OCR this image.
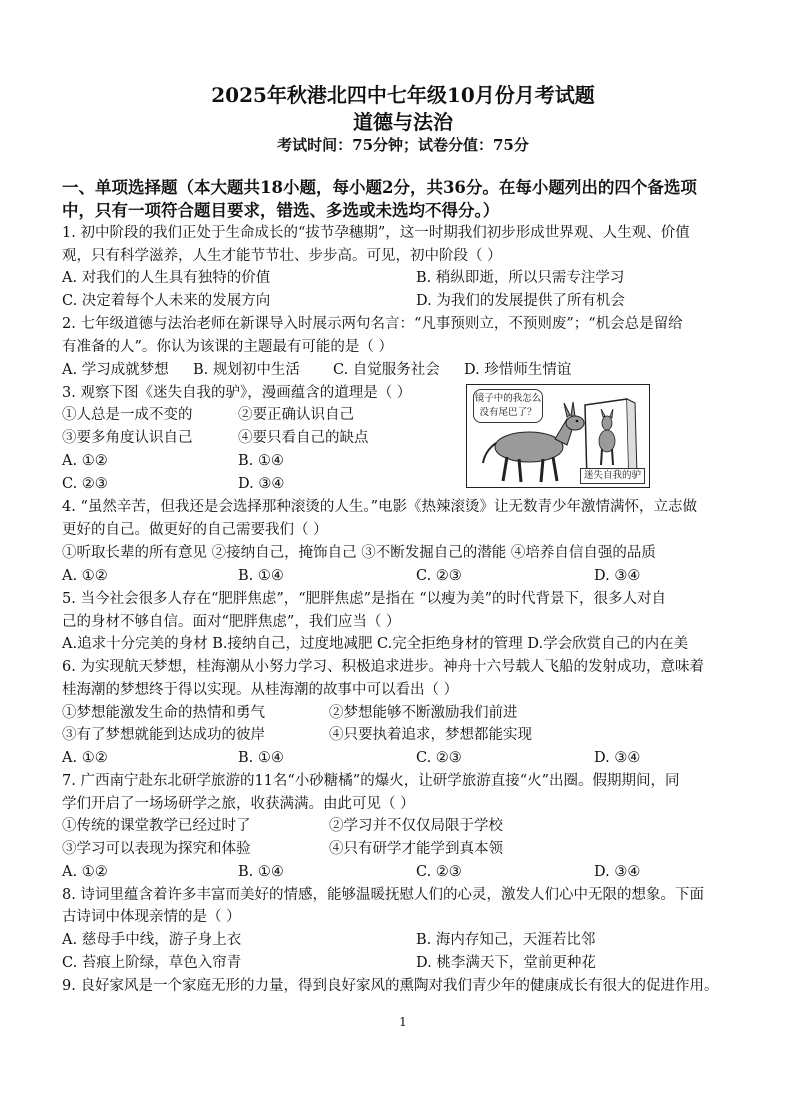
2025年秋港北四中七年级10月份月考试题
道德与法治
考试时间：75分钟；试卷分值：75分
一、单项选择题（本大题共18小题，每小题2分，共36分。在每小题列出的四个备选项
中，只有一项符合题目要求，错选、多选或未选均不得分。）
1. 初中阶段的我们正处于生命成长的“拔节孕穗期”，这一时期我们初步形成世界观、人生观、价值
观，只有科学滋养，人生才能节节壮、步步高。可见，初中阶段（ ）
A. 对我们的人生具有独特的价值	B. 稍纵即逝，所以只需专注学习
C. 决定着每个人未来的发展方向	D. 为我们的发展提供了所有机会
2. 七年级道德与法治老师在新课导入时展示两句名言：“凡事预则立，不预则废”；“机会总是留给
有准备的人”。你认为该课的主题最有可能的是（ ）
A. 学习成就梦想 B. 规划初中生活 C. 自觉服务社会 D. 珍惜师生情谊
3. 观察下图《迷失自我的驴》，漫画蕴含的道理是（ ）
①人总是一成不变的	②要正确认识自己
③要多角度认识自己	④要只看自己的缺点
A. ①②	B. ①④
C. ②③	D. ③④
镜子中的我怎么没有尾巴了？
迷失自我的驴
4. “虽然辛苦，但我还是会选择那种滚烫的人生。”电影《热辣滚烫》让无数青少年激情满怀，立志做
更好的自己。做更好的自己需要我们（ ）
①听取长辈的所有意见 ②接纳自己，掩饰自己 ③不断发掘自己的潜能 ④培养自信自强的品质
A. ①②	B. ①④	C. ②③	D. ③④
5. 当今社会很多人存在“肥胖焦虑”，“肥胖焦虑”是指在 “以瘦为美”的时代背景下，很多人对自
己的身材不够自信。面对“肥胖焦虑”，我们应当（ ）
A.追求十分完美的身材 B.接纳自己，过度地减肥 C.完全拒绝身材的管理 D.学会欣赏自己的内在美
6. 为实现航天梦想，桂海潮从小努力学习、积极追求进步。神舟十六号载人飞船的发射成功，意味着
桂海潮的梦想终于得以实现。从桂海潮的故事中可以看出（ ）
①梦想能激发生命的热情和勇气	②梦想能够不断激励我们前进
③有了梦想就能到达成功的彼岸	④只要执着追求，梦想都能实现
A. ①②	B. ①④	C. ②③	D. ③④
7. 广西南宁赴东北研学旅游的11名“小砂糖橘”的爆火，让研学旅游直接“火”出圈。假期期间，同
学们开启了一场场研学之旅，收获满满。由此可见（ ）
①传统的课堂教学已经过时了	②学习并不仅仅局限于学校
③学习可以表现为探究和体验	④只有研学才能学到真本领
A. ①②	B. ①④	C. ②③	D. ③④
8. 诗词里蕴含着许多丰富而美好的情感，能够温暖抚慰人们的心灵，激发人们心中无限的想象。下面
古诗词中体现亲情的是（ ）
A. 慈母手中线，游子身上衣	B. 海内存知己，天涯若比邻
C. 苔痕上阶绿，草色入帘青	D. 桃李满天下，堂前更种花
9. 良好家风是一个家庭无形的力量，得到良好家风的熏陶对我们青少年的健康成长有很大的促进作用。
1
